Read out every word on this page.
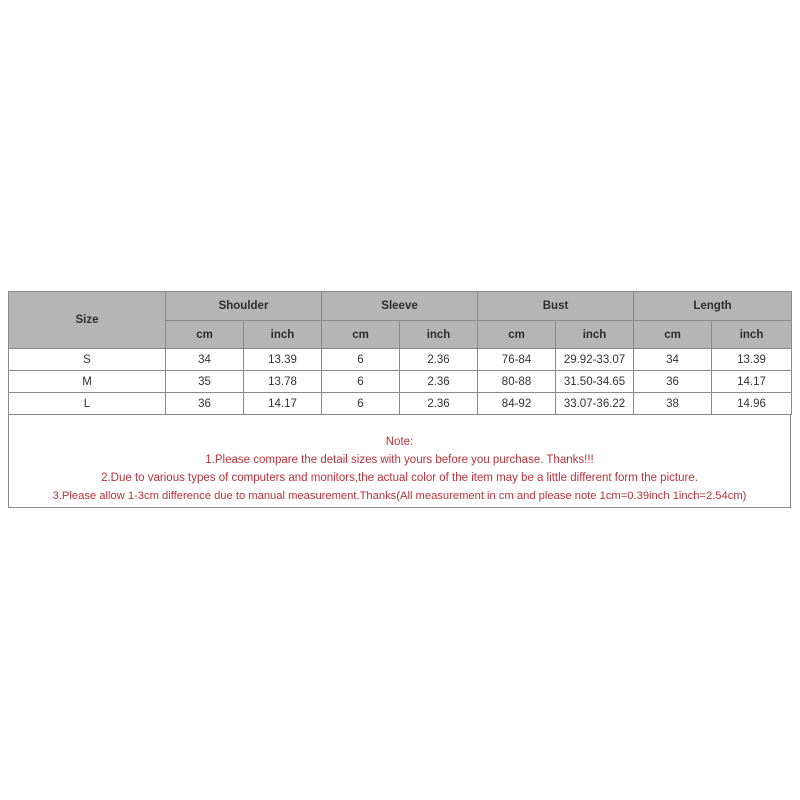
Size	Shoulder		Sleeve		Bust		Length	
	cm	inch	cm	inch	cm	inch	cm	inch
S	34	13.39	6	2.36	76-84	29.92-33.07	34	13.39
M	35	13.78	6	2.36	80-88	31.50-34.65	36	14.17
L	36	14.17	6	2.36	84-92	33.07-36.22	38	14.96
Note:
1.Please compare the detail sizes with yours before you purchase. Thanks!!!
2.Due to various types of computers and monitors,the actual color of the item may be a little different form the picture.
3.Please allow 1-3cm difference due to manual measurement.Thanks(All measurement in cm and please note 1cm=0.39inch 1inch=2.54cm)
